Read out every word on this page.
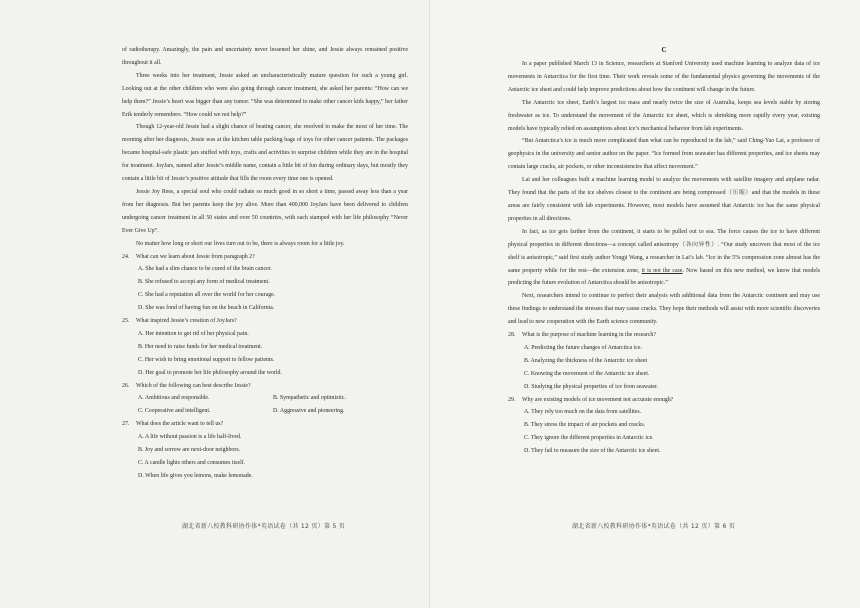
of radiotherapy. Amazingly, the pain and uncertainty never lessened her shine, and Jessie always remained positive throughout it all.

Three weeks into her treatment, Jessie asked an uncharacteristically mature question for such a young girl. Looking out at the other children who were also going through cancer treatment, she asked her parents: “How can we help them?” Jessie’s heart was bigger than any tumor. “She was determined to make other cancer kids happy,” her father Erik tenderly remembers. “How could we not help?”

Though 12-year-old Jessie had a slight chance of beating cancer, she resolved to make the most of her time. The morning after her diagnosis, Jessie was at the kitchen table packing bags of toys for other cancer patients. The packages became hospital-safe plastic jars stuffed with toys, crafts and activities to surprise children while they are in the hospital for treatment. JoyJars, named after Jessie’s middle name, contain a little bit of fun during ordinary days, but mostly they contain a little bit of Jessie’s positive attitude that fills the room every time one is opened.

Jessie Joy Rees, a special soul who could radiate so much good in so short a time, passed away less than a year from her diagnosis. But her parents keep the joy alive. More than 400,000 JoyJars have been delivered to children undergoing cancer treatment in all 50 states and over 50 countries, with each stamped with her life philosophy “Never Ever Give Up”.

No matter how long or short our lives turn out to be, there is always room for a little joy.

24. What can we learn about Jessie from paragraph 2?

A. She had a slim chance to be cured of the brain cancer.

B. She refused to accept any form of medical treatment.

C. She had a reputation all over the world for her courage.

D. She was fond of having fun on the beach in California.

25. What inspired Jessie’s creation of JoyJars?

A. Her intention to get rid of her physical pain.

B. Her need to raise funds for her medical treatment.

C. Her wish to bring emotional support to fellow patients.

D. Her goal to promote her life philosophy around the world.

26. Which of the following can best describe Jessie?

A. Ambitious and responsible.	B. Sympathetic and optimistic.
C. Cooperative and intelligent.	D. Aggressive and pioneering.

27. What does the article want to tell us?

A. A life without passion is a life half-lived.

B. Joy and sorrow are next-door neighbors.

C. A candle lights others and consumes itself.

D. When life gives you lemons, make lemonade.

湖北省新八校教科研协作体*英语试卷（共 12 页）第 5 页
C

In a paper published March 13 in Science, researchers at Stanford University used machine learning to analyze data of ice movements in Antarctica for the first time. Their work reveals some of the fundamental physics governing the movements of the Antarctic ice sheet and could help improve predictions about how the continent will change in the future.

The Antarctic ice sheet, Earth’s largest ice mass and nearly twice the size of Australia, keeps sea levels stable by storing freshwater as ice. To understand the movement of the Antarctic ice sheet, which is shrinking more rapidly every year, existing models have typically relied on assumptions about ice’s mechanical behavior from lab experiments.

“But Antarctica’s ice is much more complicated than what can be reproduced in the lab,” said Ching-Yao Lai, a professor of geophysics in the university and senior author on the paper. “Ice formed from seawater has different properties, and ice sheets may contain large cracks, air pockets, or other inconsistencies that affect movement.”

Lai and her colleagues built a machine learning model to analyze the movements with satellite imagery and airplane radar. They found that the parts of the ice shelves closest to the continent are being compressed（压缩）and that the models in these areas are fairly consistent with lab experiments. However, most models have assumed that Antarctic ice has the same physical properties in all directions.

In fact, as ice gets farther from the continent, it starts to be pulled out to sea. The force causes the ice to have different physical properties in different directions—a concept called anisotropy（各向异性）. “Our study uncovers that most of the ice shelf is anisotropic,” said first study author Yongji Wang, a researcher in Lai’s lab. “Ice in the 5% compression zone almost has the same property while for the rest—the extension zone, it is not the case. Now based on this new method, we know that models predicting the future evolution of Antarctica should be anisotropic.”

Next, researchers intend to continue to perfect their analysis with additional data from the Antarctic continent and may use these findings to understand the stresses that may cause cracks. They hope their methods will assist with more scientific discoveries and lead to new cooperation with the Earth science community.

28. What is the purpose of machine learning in the research?

A. Predicting the future changes of Antarctica ice.

B. Analyzing the thickness of the Antarctic ice sheet

C. Knowing the movement of the Antarctic ice sheet.

D. Studying the physical properties of ice from seawater.

29. Why are existing models of ice movement not accurate enough?

A. They rely too much on the data from satellites.

B. They stress the impact of air pockets and cracks.

C. They ignore the different properties in Antarctic ice.

D. They fail to measure the size of the Antarctic ice sheet.

湖北省新八校教科研协作体*英语试卷（共 12 页）第 6 页
